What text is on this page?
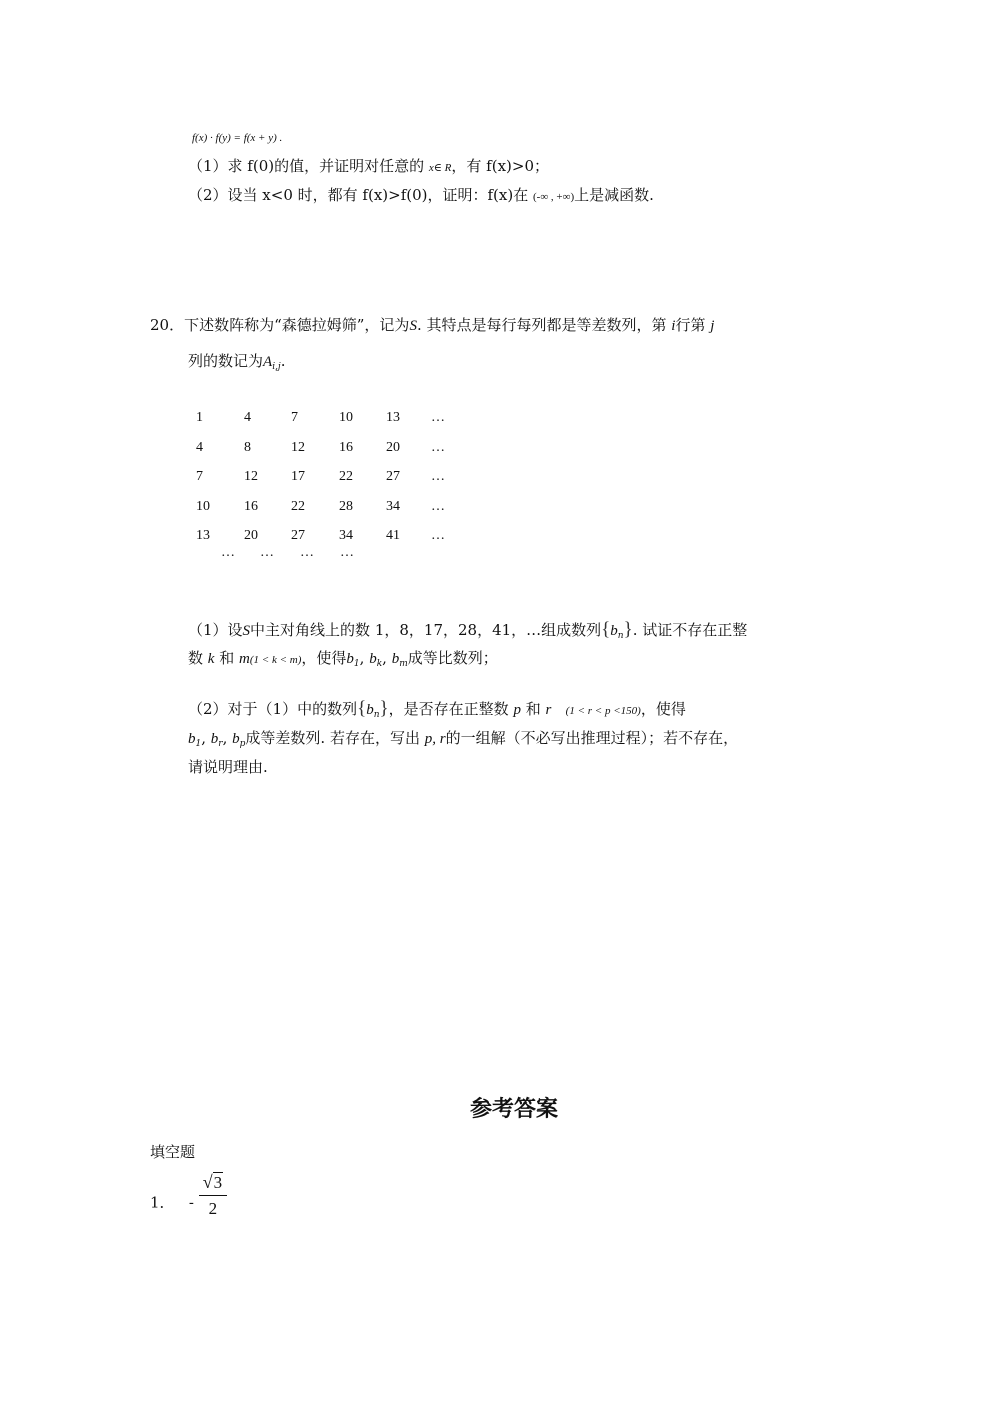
f(x) · f(y) = f(x + y) .
（1）求 f(0)的值，并证明对任意的 x∈ R，有 f(x)>0；
（2）设当 x<0 时，都有 f(x)>f(0)，证明：f(x)在 (-∞ , +∞)上是减函数.
20．下述数阵称为“森德拉姆筛”，记为S. 其特点是每行每列都是等差数列，第 i行第 j
列的数记为$A_{i,j}$.
1	4	7	10 13 …
4	8	12 16 20 …
7	12 17 22 27 …
10 16 22 28 34 …
13 20 27 34 41 …
… … … …
（1）设S中主对角线上的数 1，8，17，28，41，…组成数列$\{b_n\}$. 试证不存在正整
数 k 和 m(1 < k < m)，使得$b_1$, $b_k$, $b_m$成等比数列；
（2）对于（1）中的数列$\{b_n\}$，是否存在正整数 p 和 r (1 < r < p <150)，使得
$b_1$, $b_r$, $b_p$成等差数列. 若存在，写出 p, r的一组解（不必写出推理过程）；若不存在，
请说明理由.
参考答案
填空题
1． - $\frac{√3}{2}$
